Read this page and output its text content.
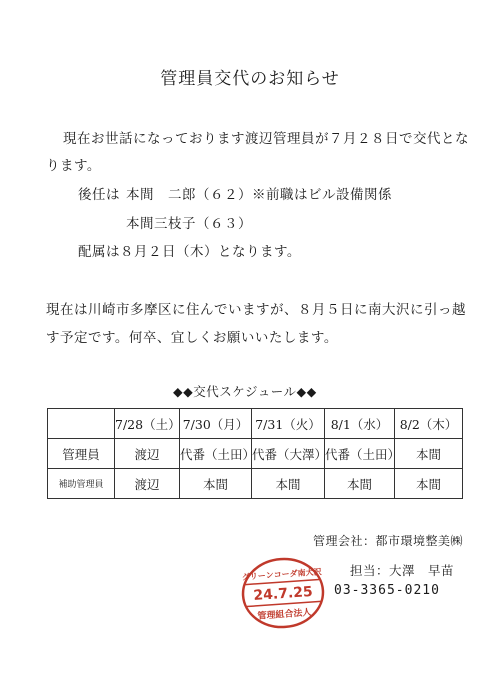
管理員交代のお知らせ
現在お世話になっております渡辺管理員が７月２８日で交代とな
ります。
後任は 本間　二郎（６２）※前職はビル設備関係
本間三枝子（６３）
配属は８月２日（木）となります。
現在は川崎市多摩区に住んでいますが、８月５日に南大沢に引っ越
す予定です。何卒、宜しくお願いいたします。
◆◆交代スケジュール◆◆
	7/28（土）	7/30（月）	7/31（火）	8/1（水）	8/2（木）
管理員	渡辺	代番（土田）	代番（大澤）	代番（土田）	本間
補助管理員	渡辺	本間	本間	本間	本間
管理会社：都市環境整美㈱
担当：大澤　早苗
03-3365-0210
グリーンコーダ南大沢
24.7.25
管理組合法人
